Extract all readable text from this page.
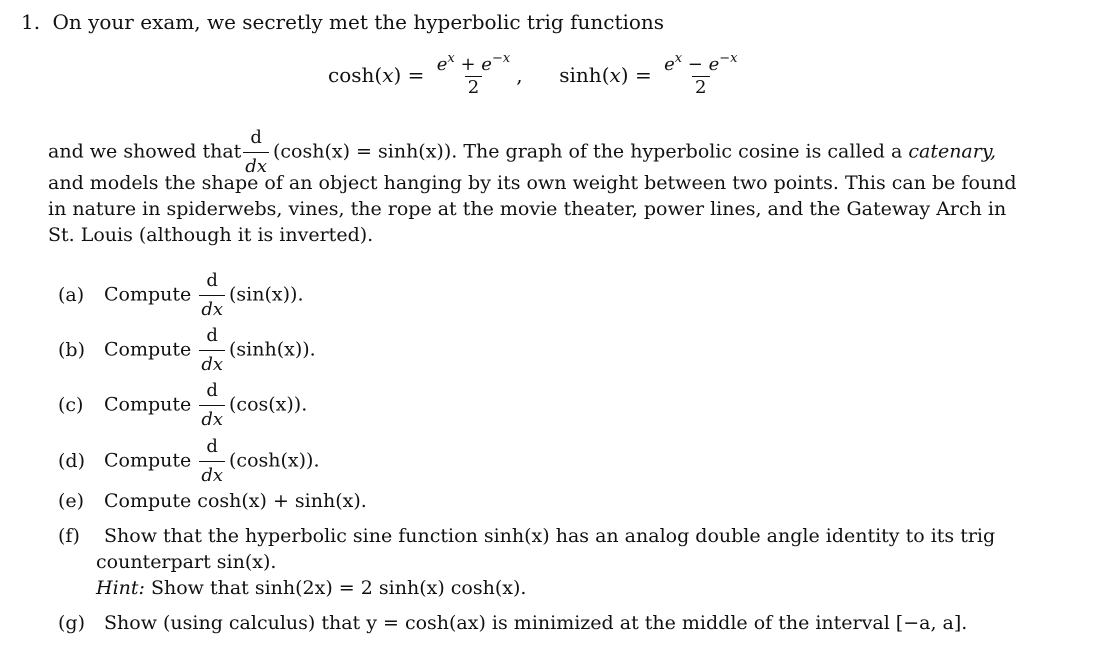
1. On your exam, we secretly met the hyperbolic trig functions
$\cosh(x) = \frac{e^x + e^{-x}}{2}$ , $\sinh(x) = \frac{e^x - e^{-x}}{2}$
and we showed that $\frac{d}{dx} (\cosh(x) = \sinh(x))$. The graph of the hyperbolic cosine is called a catenary,
and models the shape of an object hanging by its own weight between two points. This can be found
in nature in spiderwebs, vines, the rope at the movie theater, power lines, and the Gateway Arch in
St. Louis (although it is inverted).
(a) Compute $\frac{d}{dx} (\sin(x))$.
(b) Compute $\frac{d}{dx} (\sinh(x))$.
(c) Compute $\frac{d}{dx} (\cos(x))$.
(d) Compute $\frac{d}{dx} (\cosh(x))$.
(e) Compute cosh(x) + sinh(x).
(f) Show that the hyperbolic sine function sinh(x) has an analog double angle identity to its trig
counterpart sin(x).
Hint: Show that sinh(2x) = 2 sinh(x) cosh(x).
(g) Show (using calculus) that y = cosh(ax) is minimized at the middle of the interval [−a, a].
